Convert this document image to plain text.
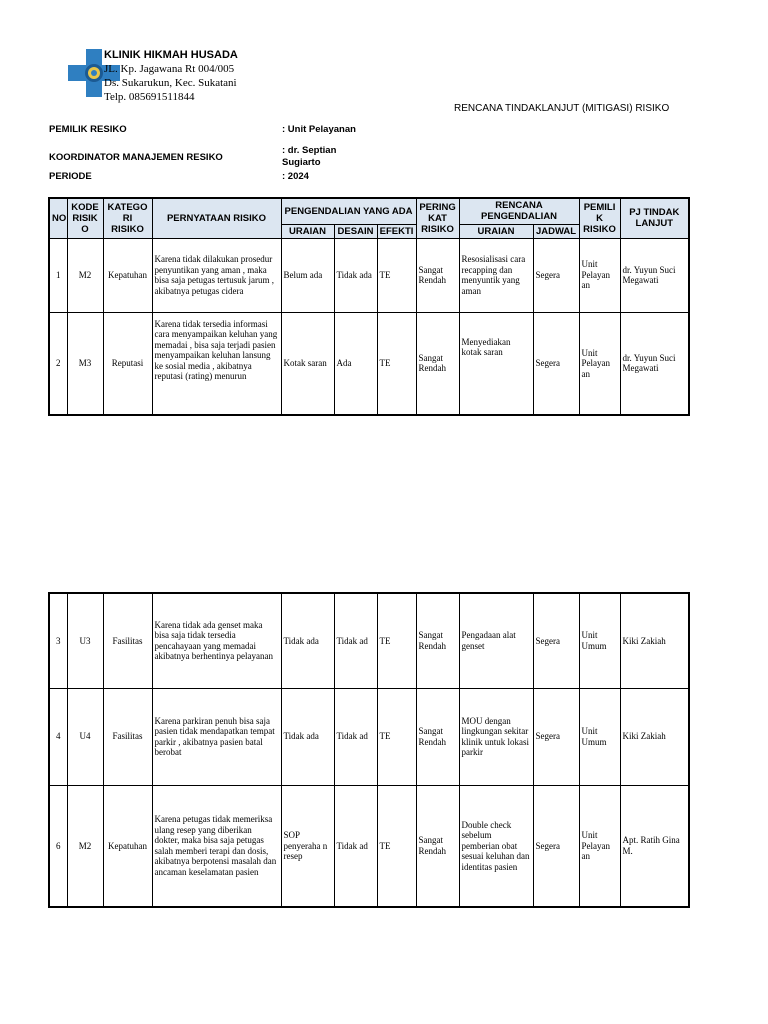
KLINIK HIKMAH HUSADA
JL. Kp. Jagawana Rt 004/005
Ds. Sukarukun, Kec. Sukatani
Telp. 085691511844
RENCANA TINDAKLANJUT (MITIGASI) RISIKO
PEMILIK RESIKO	: Unit Pelayanan
KOORDINATOR MANAJEMEN RESIKO
: dr. Septian
Sugiarto
PERIODE	: 2024
NO	KODE RISIK O	KATEGO RI RISIKO	PERNYATAAN RISIKO	PENGENDALIAN YANG ADA			PERING KAT RISIKO	RENCANA PENGENDALIAN		PEMILI K RISIKO	PJ TINDAK LANJUT
				URAIAN	DESAIN	EFEKTI		URAIAN	JADWAL		
1	M2	Kepatuhan	Karena tidak dilakukan prosedur penyuntikan yang aman , maka bisa saja petugas tertusuk jarum , akibatnya petugas cidera	Belum ada	Tidak ada	TE	Sangat Rendah	Resosialisasi cara recapping dan menyuntik yang aman	Segera	Unit Pelayan an	dr. Yuyun Suci Megawati
2	M3	Reputasi	Karena tidak tersedia informasi cara menyampaikan keluhan yang memadai , bisa saja terjadi pasien menyampaikan keluhan lansung ke sosial media , akibatnya reputasi (rating) menurun	Kotak saran	Ada	TE	Sangat Rendah	Menyediakan kotak saran	Segera	Unit Pelayan an	dr. Yuyun Suci Megawati
3	U3	Fasilitas	Karena tidak ada genset maka bisa saja tidak tersedia pencahayaan yang memadai akibatnya berhentinya pelayanan	Tidak ada	Tidak ad	TE	Sangat Rendah	Pengadaan alat genset	Segera	Unit Umum	Kiki Zakiah
4	U4	Fasilitas	Karena parkiran penuh bisa saja pasien tidak mendapatkan tempat parkir , akibatnya pasien batal berobat	Tidak ada	Tidak ad	TE	Sangat Rendah	MOU dengan lingkungan sekitar klinik untuk lokasi parkir	Segera	Unit Umum	Kiki Zakiah
6	M2	Kepatuhan	Karena petugas tidak memeriksa ulang resep yang diberikan dokter, maka bisa saja petugas salah memberi terapi dan dosis, akibatnya berpotensi masalah dan ancaman keselamatan pasien	SOP penyeraha n resep	Tidak ad	TE	Sangat Rendah	Double check sebelum pemberian obat sesuai keluhan dan identitas pasien	Segera	Unit Pelayan an	Apt. Ratih Gina M.
